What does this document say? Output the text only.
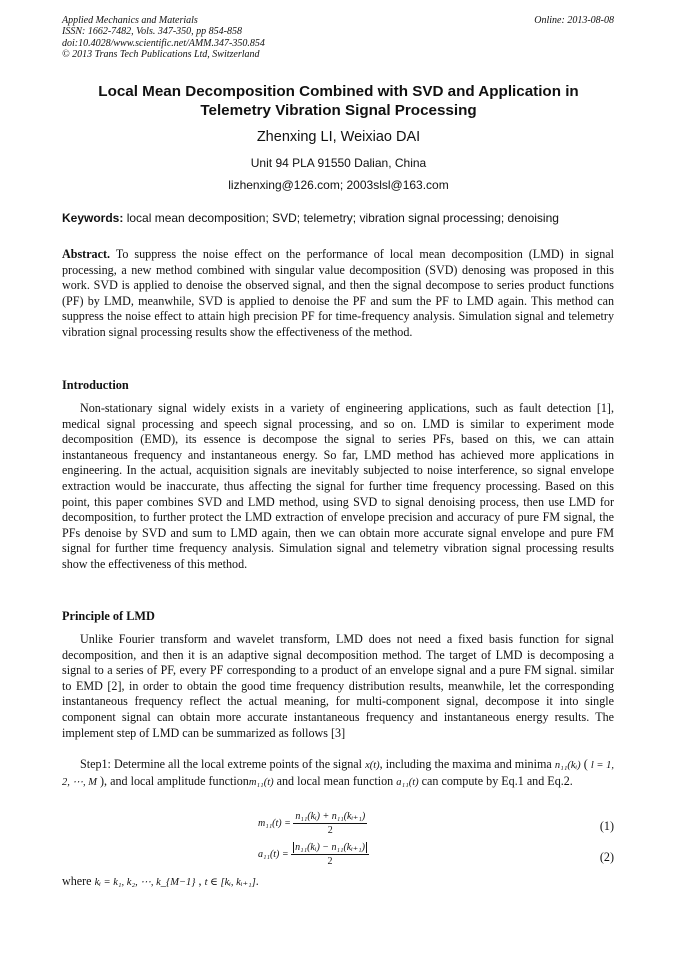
Applied Mechanics and Materials
ISSN: 1662-7482, Vols. 347-350, pp 854-858
doi:10.4028/www.scientific.net/AMM.347-350.854
© 2013 Trans Tech Publications Ltd, Switzerland
Online: 2013-08-08
Local Mean Decomposition Combined with SVD and Application in
Telemetry Vibration Signal Processing
Zhenxing LI, Weixiao DAI
Unit 94 PLA 91550 Dalian, China
lizhenxing@126.com; 2003slsl@163.com
Keywords: local mean decomposition; SVD; telemetry; vibration signal processing; denoising
Abstract. To suppress the noise effect on the performance of local mean decomposition (LMD) in signal processing, a new method combined with singular value decomposition (SVD) denosing was proposed in this work. SVD is applied to denoise the observed signal, and then the signal decompose to series product functions (PF) by LMD, meanwhile, SVD is applied to denoise the PF and sum the PF to LMD again. This method can suppress the noise effect to attain high precision PF for time-frequency analysis. Simulation signal and telemetry vibration signal processing results show the effectiveness of the method.
Introduction
Non-stationary signal widely exists in a variety of engineering applications, such as fault detection [1], medical signal processing and speech signal processing, and so on. LMD is similar to experiment mode decomposition (EMD), its essence is decompose the signal to series PFs, based on this, we can attain instantaneous frequency and instantaneous energy. So far, LMD method has achieved more applications in engineering. In the actual, acquisition signals are inevitably subjected to noise interference, so signal envelope extraction would be inaccurate, thus affecting the signal for further time frequency processing. Based on this point, this paper combines SVD and LMD method, using SVD to signal denoising process, then use LMD for decomposition, to further protect the LMD extraction of envelope precision and accuracy of pure FM signal, the PFs denoise by SVD and sum to LMD again, then we can obtain more accurate signal envelope and pure FM signal for further time frequency analysis. Simulation signal and telemetry vibration signal processing results show the effectiveness of this method.
Principle of LMD
Unlike Fourier transform and wavelet transform, LMD does not need a fixed basis function for signal decomposition, and then it is an adaptive signal decomposition method. The target of LMD is decomposing a signal to a series of PF, every PF corresponding to a product of an envelope signal and a pure FM signal. similar to EMD [2], in order to obtain the good time frequency distribution results, meanwhile, let the corresponding instantaneous frequency reflect the actual meaning, for multi-component signal, decompose it into single component signal can obtain more accurate instantaneous frequency and instantaneous energy results. The implement step of LMD can be summarized as follows [3]
Step1: Determine all the local extreme points of the signal x(t), including the maxima and minima n₁₁(kᵢ) ( l = 1, 2, ⋯, M ), and local amplitude functionm₁₁(t) and local mean function a₁₁(t) can compute by Eq.1 and Eq.2.
$m_{11}(t) = \frac{\text{n₁₁(kᵢ) + n₁₁(kᵢ₊₁)}}{2}$	(1)
$a_{11}(t) = \frac{\text{n₁₁(kᵢ) − n₁₁(kᵢ₊₁)}}{2}$	(2)
where kᵢ = k₁, k₂, ⋯, k_{M−1} , t ∈ [kᵢ, kᵢ₊₁].
